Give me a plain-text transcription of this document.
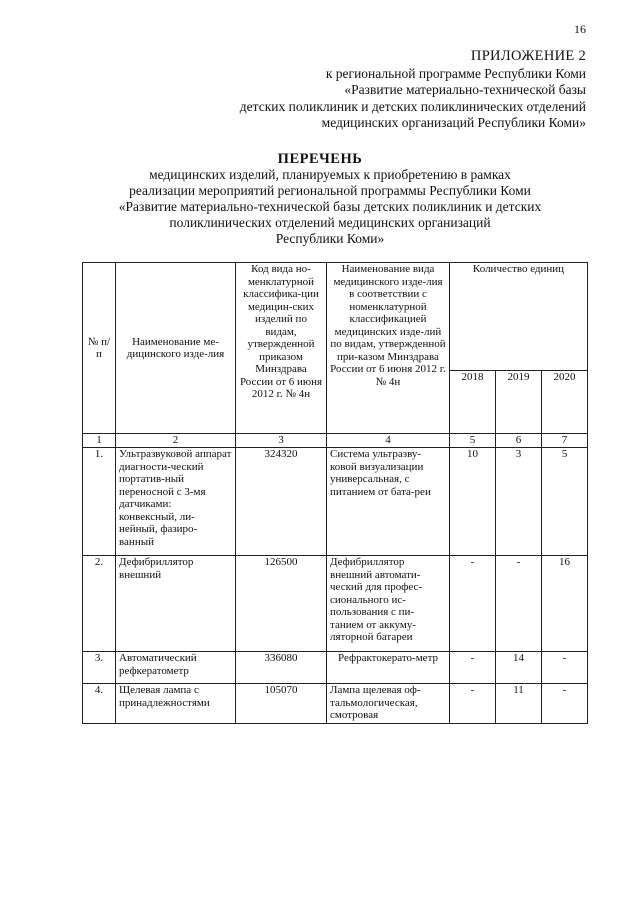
16
ПРИЛОЖЕНИЕ 2
к региональной программе Республики Коми
«Развитие материально-технической базы
детских поликлиник и детских поликлинических отделений
медицинских организаций Республики Коми»
ПЕРЕЧЕНЬ
медицинских изделий, планируемых к приобретению в рамках
реализации мероприятий региональной программы Республики Коми
«Развитие материально-технической базы детских поликлиник и детских
поликлинических отделений медицинских организаций
Республики Коми»
№ п/п	Наименование ме-дицинского изде-лия	Код вида но-менклатурной классифика-ции медицин-ских изделий по видам, утвержденной приказом Минздрава России от 6 июня 2012 г. № 4н	Наименование вида медицинского изде-лия в соответствии с номенклатурной классификацией медицинских изде-лий по видам, утвержденной при-казом Минздрава России от 6 июня 2012 г. № 4н	Количество единиц		
				2018	2019	2020
1	2	3	4	5	6	7
1.	Ультразвуковой аппарат диагности-ческий портатив-ный переносной с 3-мя датчиками: конвексный, ли-нейный, фазиро-ванный	324320	Система ультразву-ковой визуализации универсальная, с питанием от бата-реи	10	3	5
2.	Дефибриллятор внешний	126500	Дефибриллятор внешний автомати-ческий для профес-сионального ис-пользования с пи-танием от аккуму-ляторной батареи	-	-	16
3.	Автоматический рефкератометр	336080	Рефрактокерато-метр	-	14	-
4.	Щелевая лампа с принадлежностями	105070	Лампа щелевая оф-тальмологическая, смотровая	-	11	-
